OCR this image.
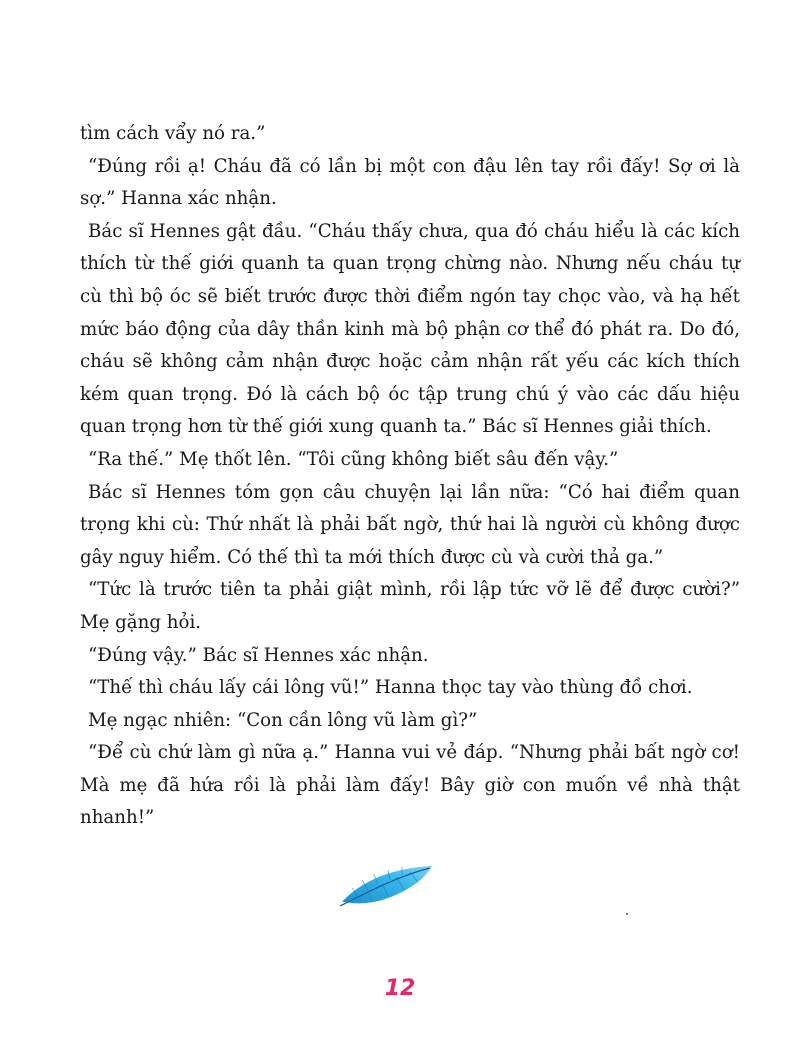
tìm cách vẩy nó ra.”

“Đúng rồi ạ! Cháu đã có lần bị một con đậu lên tay rồi đấy! Sợ ơi là sợ.” Hanna xác nhận.

Bác sĩ Hennes gật đầu. “Cháu thấy chưa, qua đó cháu hiểu là các kích thích từ thế giới quanh ta quan trọng chừng nào. Nhưng nếu cháu tự cù thì bộ óc sẽ biết trước được thời điểm ngón tay chọc vào, và hạ hết mức báo động của dây thần kinh mà bộ phận cơ thể đó phát ra. Do đó, cháu sẽ không cảm nhận được hoặc cảm nhận rất yếu các kích thích kém quan trọng. Đó là cách bộ óc tập trung chú ý vào các dấu hiệu quan trọng hơn từ thế giới xung quanh ta.” Bác sĩ Hennes giải thích.

“Ra thế.” Mẹ thốt lên. “Tôi cũng không biết sâu đến vậy.”

Bác sĩ Hennes tóm gọn câu chuyện lại lần nữa: “Có hai điểm quan trọng khi cù: Thứ nhất là phải bất ngờ, thứ hai là người cù không được gây nguy hiểm. Có thế thì ta mới thích được cù và cười thả ga.”

“Tức là trước tiên ta phải giật mình, rồi lập tức vỡ lẽ để được cười?” Mẹ gặng hỏi.

“Đúng vậy.” Bác sĩ Hennes xác nhận.

“Thế thì cháu lấy cái lông vũ!” Hanna thọc tay vào thùng đồ chơi.

Mẹ ngạc nhiên: “Con cần lông vũ làm gì?”

“Để cù chứ làm gì nữa ạ.” Hanna vui vẻ đáp. “Nhưng phải bất ngờ cơ! Mà mẹ đã hứa rồi là phải làm đấy! Bây giờ con muốn về nhà thật nhanh!”

12
